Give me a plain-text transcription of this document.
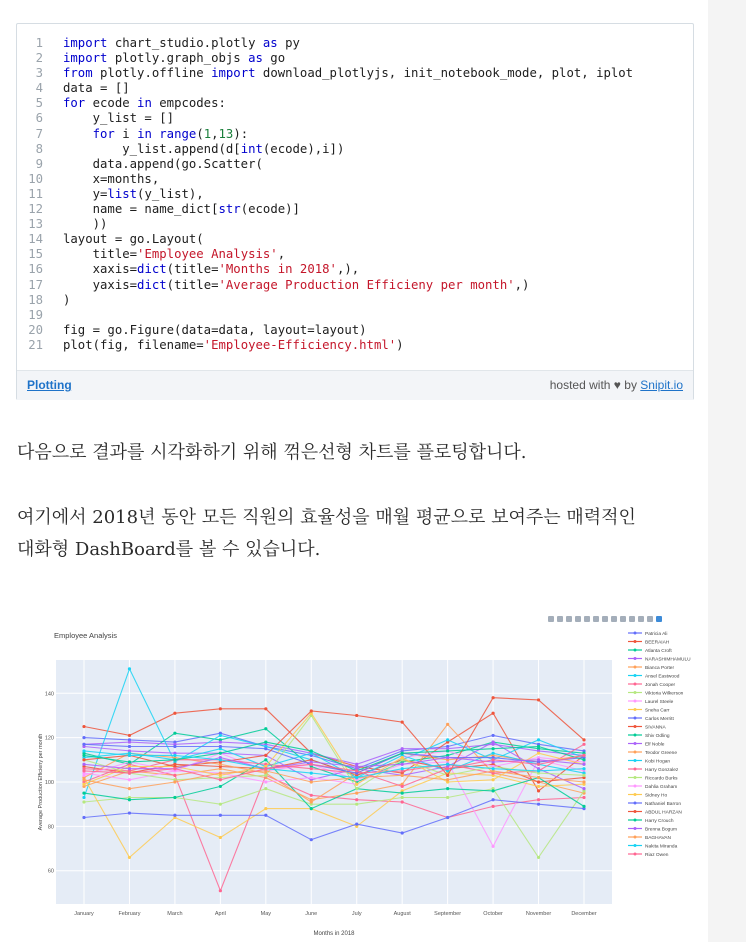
1 import chart_studio.plotly as py
2 import plotly.graph_objs as go
3 from plotly.offline import download_plotlyjs, init_notebook_mode, plot, iplot
4 data = []
5 for ecode in empcodes:
6 y_list = []
7	for i in range(1,13):
8 y_list.append(d[int(ecode),i])
9 data.append(go.Scatter(
10 x=months,
11 y=list(y_list),
12 name = name_dict[str(ecode)]
13 ))
14 layout = go.Layout(
15 title='Employee Analysis',
16 xaxis=dict(title='Months in 2018',),
17 yaxis=dict(title='Average Production Efficieny per month',)
18 )
19
20 fig = go.Figure(data=data, layout=layout)
21 plot(fig, filename='Employee-Efficiency.html')
Plotting	hosted with ♥ by Snipit.io
다음으로 결과를 시각화하기 위해 꺾은선형 차트를 플로팅합니다.
여기에서 2018년 동안 모든 직원의 효율성을 매월 평균으로 보여주는 매력적인
대화형 DashBoard를 볼 수 있습니다.
60
80
100
120
140
January	February	March	April	May	June	July	August	September	October	November	December
Employee Analysis
Months in 2018
Average Production Efficieny per month
Patricia Ali
BEERAIAH
Atlanta Croft
NARASHIMHAMULU
Bianca Porter
Ansel Eastwood
Jonah Cooper
Viktoria Wilkerson
Laurel Steele
Sneha Carr
Carlos Merritt
SIVANNA
Shiv Odling
Elf Noble
Teodor Greene
Kobi Hogan
Harry Gonzalez
Riccardo Burks
Dahlia Graham
Sidney Ho
Nathaniel Barron
ABDUL HARZAN
Harry Crouch
Brenna Bogum
BAGHAVAN
Nakita Miranda
Riaz Owen
